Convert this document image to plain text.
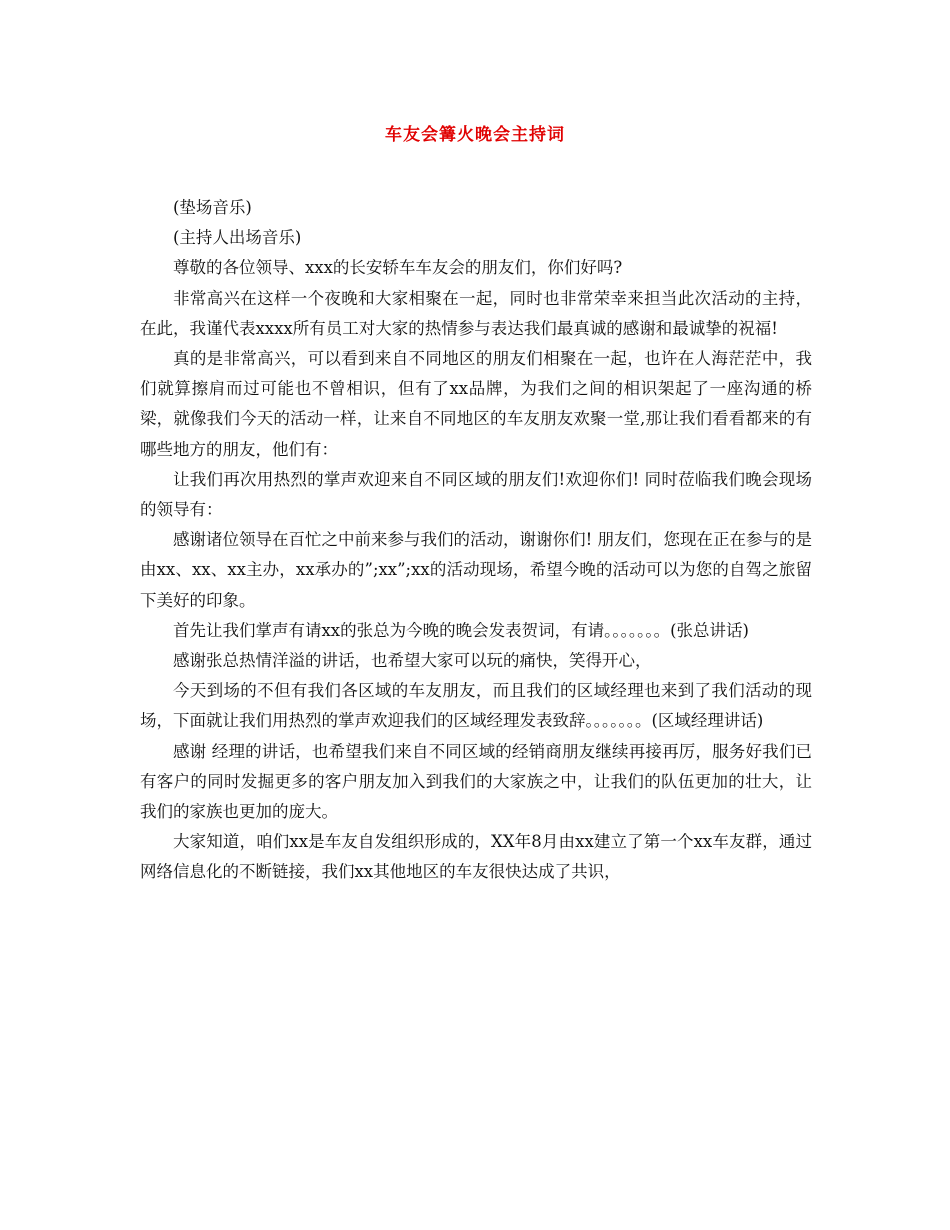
车友会篝火晚会主持词

(垫场音乐)

(主持人出场音乐)

尊敬的各位领导、xxx的长安轿车车友会的朋友们，你们好吗?

非常高兴在这样一个夜晚和大家相聚在一起，同时也非常荣幸来担当此次活动的主持，在此，我谨代表xxxx所有员工对大家的热情参与表达我们最真诚的感谢和最诚挚的祝福!

真的是非常高兴，可以看到来自不同地区的朋友们相聚在一起，也许在人海茫茫中，我们就算擦肩而过可能也不曾相识，但有了xx品牌，为我们之间的相识架起了一座沟通的桥梁，就像我们今天的活动一样，让来自不同地区的车友朋友欢聚一堂,那让我们看看都来的有哪些地方的朋友，他们有：

让我们再次用热烈的掌声欢迎来自不同区域的朋友们!欢迎你们! 同时莅临我们晚会现场的领导有：

感谢诸位领导在百忙之中前来参与我们的活动，谢谢你们! 朋友们，您现在正在参与的是由xx、xx、xx主办，xx承办的”;xx”;xx的活动现场，希望今晚的活动可以为您的自驾之旅留下美好的印象。

首先让我们掌声有请xx的张总为今晚的晚会发表贺词，有请。。。。。。。(张总讲话)

感谢张总热情洋溢的讲话，也希望大家可以玩的痛快，笑得开心，

今天到场的不但有我们各区域的车友朋友，而且我们的区域经理也来到了我们活动的现场，下面就让我们用热烈的掌声欢迎我们的区域经理发表致辞。。。。。。。(区域经理讲话)

感谢 经理的讲话，也希望我们来自不同区域的经销商朋友继续再接再厉，服务好我们已有客户的同时发掘更多的客户朋友加入到我们的大家族之中，让我们的队伍更加的壮大，让我们的家族也更加的庞大。

大家知道，咱们xx是车友自发组织形成的，XX年8月由xx建立了第一个xx车友群，通过网络信息化的不断链接，我们xx其他地区的车友很快达成了共识，
